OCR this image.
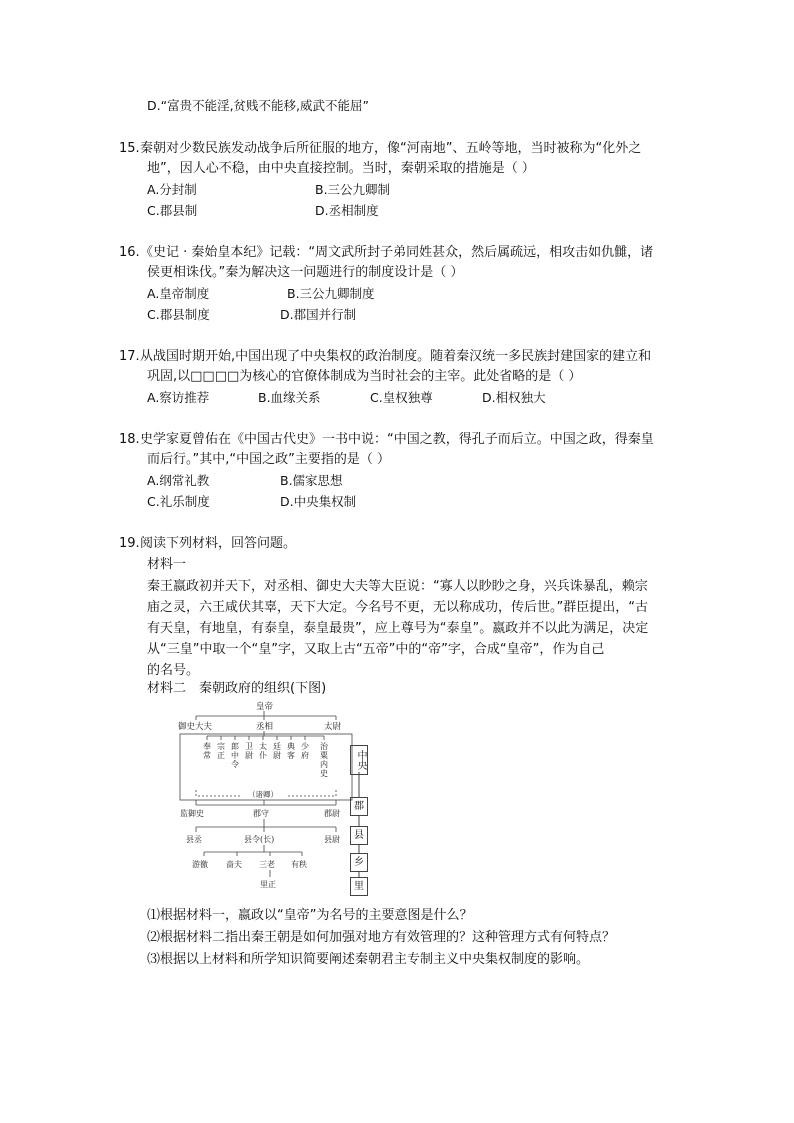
D.“富贵不能淫,贫贱不能移,威武不能屈”
15. 秦朝对少数民族发动战争后所征服的地方，像“河南地”、五岭等地，当时被称为“化外之
地”，因人心不稳，由中央直接控制。当时，秦朝采取的措施是（ ）
A.分封制	B.三公九卿制
C.郡县制	D.丞相制度
16. 《史记 · 秦始皇本纪》记载：“周文武所封子弟同姓甚众，然后属疏远，相攻击如仇雠，诸
侯更相诛伐。”秦为解决这一问题进行的制度设计是（ ）
A.皇帝制度	B.三公九卿制度
C.郡县制度	D.郡国并行制
17. 从战国时期开始,中国出现了中央集权的政治制度。随着秦汉统一多民族封建国家的建立和
巩固,以□□□□为核心的官僚体制成为当时社会的主宰。此处省略的是（ ）
A.察访推荐	B.血缘关系	C.皇权独尊	D.相权独大
18. 史学家夏曾佑在《中国古代史》一书中说：“中国之教，得孔子而后立。中国之政，得秦皇
而后行。”其中,“中国之政”主要指的是（ ）
A.纲常礼教	B.儒家思想
C.礼乐制度	D.中央集权制
19. 阅读下列材料，回答问题。
材料一
秦王嬴政初并天下，对丞相、御史大夫等大臣说：“寡人以眇眇之身，兴兵诛暴乱，赖宗
庙之灵，六王咸伏其辜，天下大定。今名号不更，无以称成功，传后世。”群臣提出，“古
有天皇，有地皇，有泰皇，泰皇最贵”，应上尊号为“泰皇”。嬴政并不以此为满足，决定
从“三皇”中取一个“皇”字，又取上古“五帝”中的“帝”字，合成“皇帝”，作为自己
的名号。
材料二　秦朝政府的组织(下图)
皇帝
御史大夫	丞相	太尉
奉常
宗正
郎中令
卫尉
太仆
廷尉
典客
少府
治粟内史
（诸卿）
监御史	郡守	郡尉
县丞	县令(长)	县尉
游徼 啬夫 三老 有秩
里正
中央
郡
县
乡
里
⑴根据材料一，嬴政以“皇帝”为名号的主要意图是什么？
⑵根据材料二指出秦王朝是如何加强对地方有效管理的？这种管理方式有何特点？
⑶根据以上材料和所学知识简要阐述秦朝君主专制主义中央集权制度的影响。
